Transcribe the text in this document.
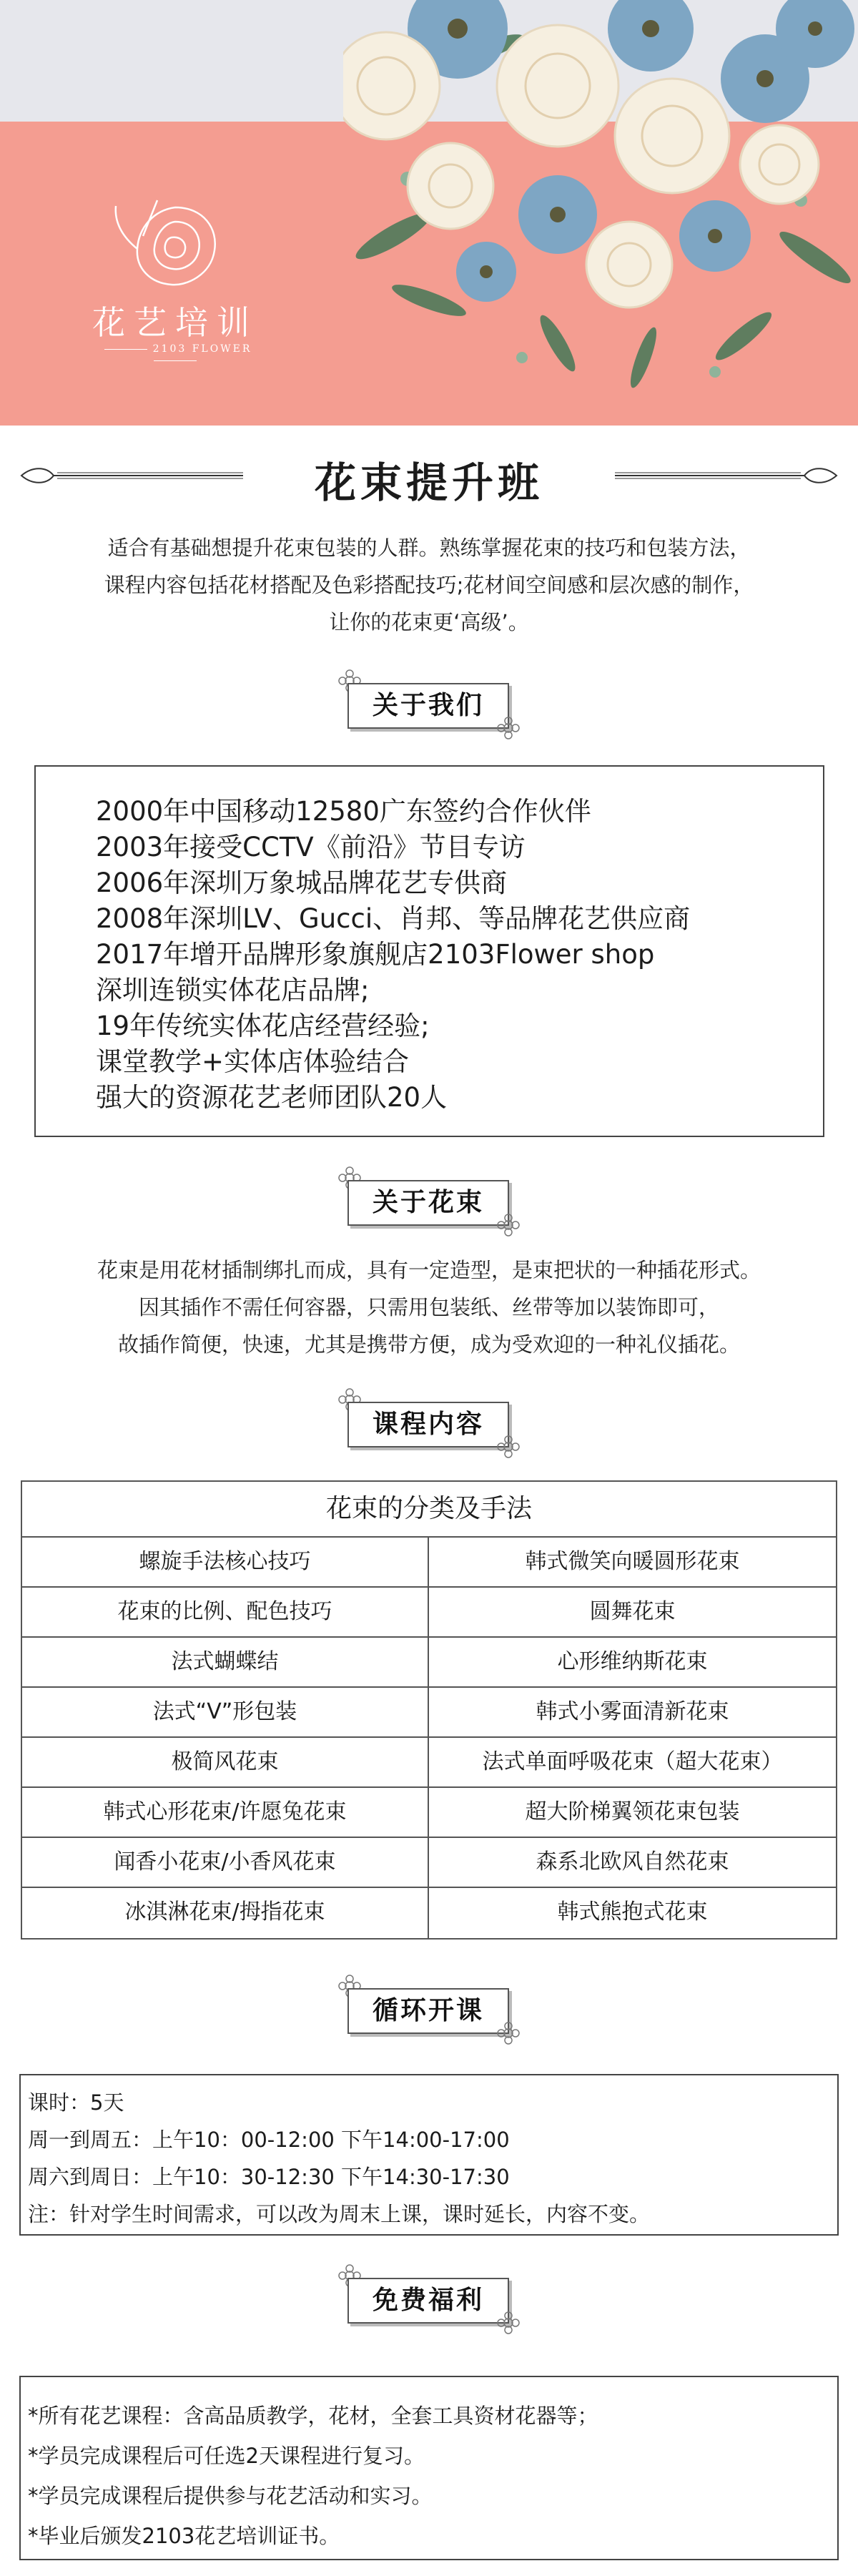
花艺培训
2103 FLOWER
花束提升班
适合有基础想提升花束包装的人群。熟练掌握花束的技巧和包装方法，
课程内容包括花材搭配及色彩搭配技巧;花材间空间感和层次感的制作，
让你的花束更‘高级’。
关于我们
2000年中国移动12580广东签约合作伙伴
2003年接受CCTV《前沿》节目专访
2006年深圳万象城品牌花艺专供商
2008年深圳LV、Gucci、肖邦、等品牌花艺供应商
2017年增开品牌形象旗舰店2103Flower shop
深圳连锁实体花店品牌;
19年传统实体花店经营经验;
课堂教学+实体店体验结合
强大的资源花艺老师团队20人
关于花束
花束是用花材插制绑扎而成，具有一定造型，是束把状的一种插花形式。
因其插作不需任何容器，只需用包装纸、丝带等加以装饰即可，
故插作简便，快速，尤其是携带方便，成为受欢迎的一种礼仪插花。
课程内容
花束的分类及手法
螺旋手法核心技巧	韩式微笑向暖圆形花束
花束的比例、配色技巧	圆舞花束
法式蝴蝶结	心形维纳斯花束
法式“V”形包装	韩式小雾面清新花束
极简风花束	法式单面呼吸花束（超大花束）
韩式心形花束/许愿兔花束	超大阶梯翼领花束包装
闻香小花束/小香风花束	森系北欧风自然花束
冰淇淋花束/拇指花束	韩式熊抱式花束
循环开课
课时：5天
周一到周五：上午10：00-12:00 下午14:00-17:00
周六到周日：上午10：30-12:30 下午14:30-17:30
注：针对学生时间需求，可以改为周末上课，课时延长，内容不变。
免费福利
*所有花艺课程：含高品质教学，花材，全套工具资材花器等；
*学员完成课程后可任选2天课程进行复习。
*学员完成课程后提供参与花艺活动和实习。
*毕业后颁发2103花艺培训证书。
